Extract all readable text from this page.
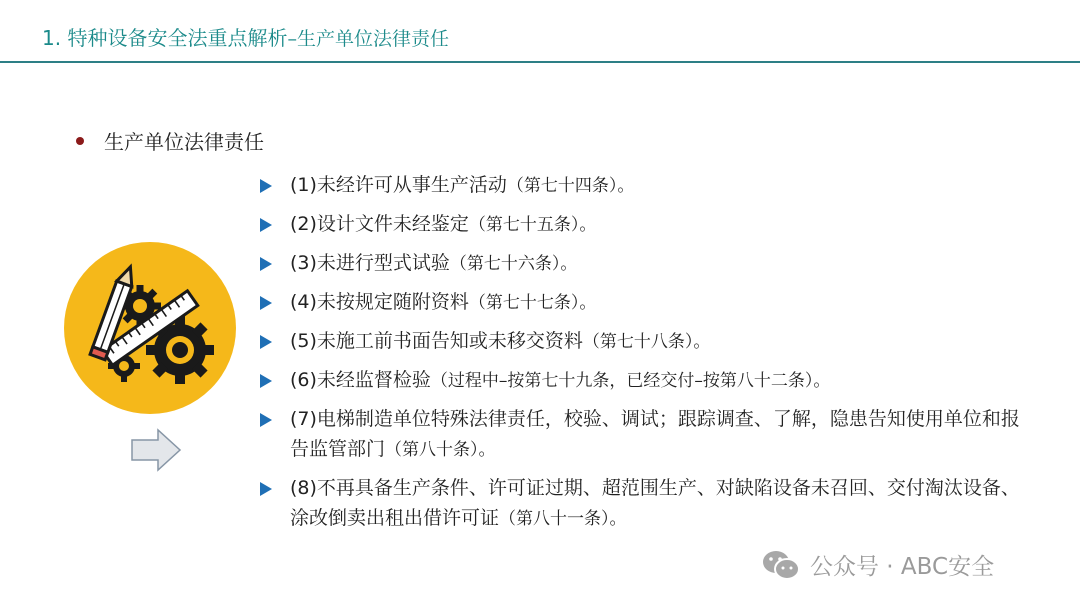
1. 特种设备安全法重点解析–生产单位法律责任
生产单位法律责任
(1)未经许可从事生产活动（第七十四条）。
(2)设计文件未经鉴定（第七十五条）。
(3)未进行型式试验（第七十六条）。
(4)未按规定随附资料（第七十七条）。
(5)未施工前书面告知或未移交资料（第七十八条）。
(6)未经监督检验（过程中–按第七十九条，已经交付–按第八十二条）。
(7)电梯制造单位特殊法律责任，校验、调试；跟踪调查、了解，隐患告知使用单位和报告监管部门（第八十条）。
(8)不再具备生产条件、许可证过期、超范围生产、对缺陷设备未召回、交付淘汰设备、涂改倒卖出租出借许可证（第八十一条）。
公众号 · ABC安全
